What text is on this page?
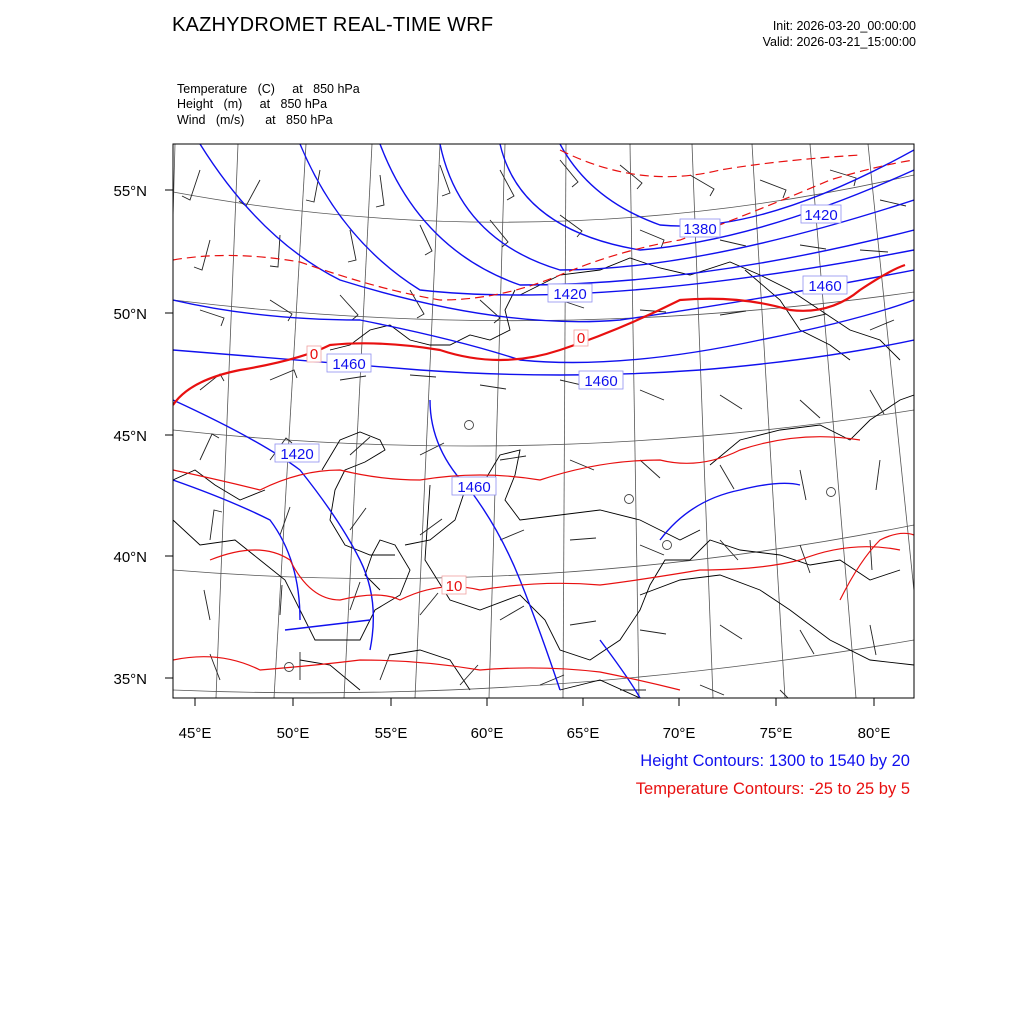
KAZHYDROMET REAL-TIME WRF	Init: 2026-03-20_00:00:00
Valid: 2026-03-21_15:00:00
Temperature   (C)     at   850 hPa
Height   (m)     at   850 hPa
Wind   (m/s)      at   850 hPa
1380
1420
1420	1460
1460
1460
1420
1460
0
0
10
55°N
50°N
45°N
40°N
35°N
45°E	50°E	55°E	60°E	65°E	70°E	75°E	80°E
Height Contours: 1300 to 1540 by 20
Temperature Contours: -25 to 25 by 5
